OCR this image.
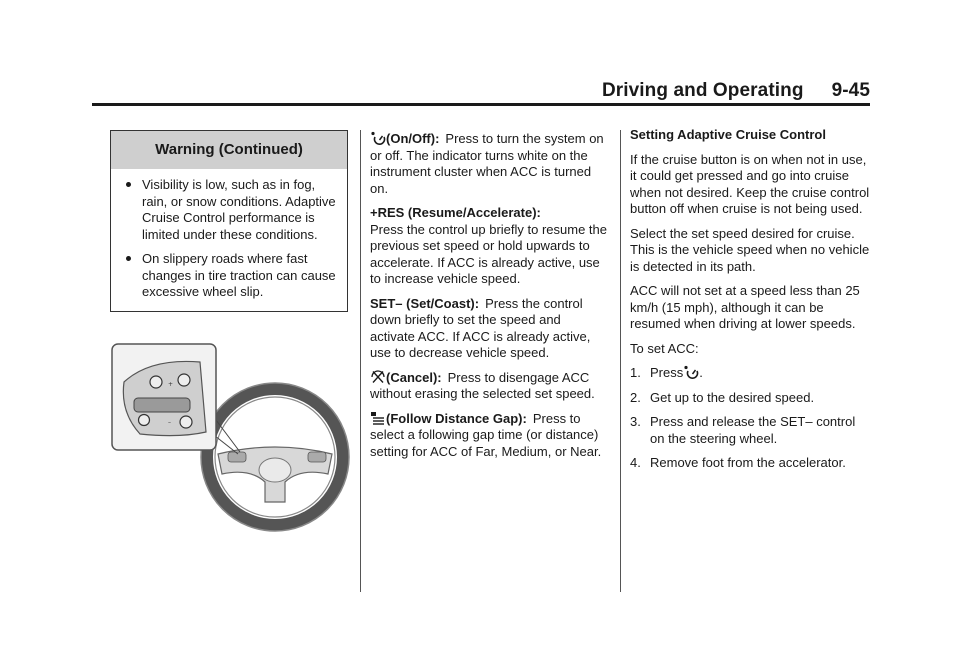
Driving and Operating 9-45
Warning (Continued)
Visibility is low, such as in fog, rain, or snow conditions. Adaptive Cruise Control performance is limited under these conditions.
On slippery roads where fast changes in tire traction can cause excessive wheel slip.
+
–
(On/Off): Press to turn the system on or off. The indicator turns white on the instrument cluster when ACC is turned on.
+RES (Resume/Accelerate):
Press the control up briefly to resume the previous set speed or hold upwards to accelerate. If ACC is already active, use to increase vehicle speed.
SET– (Set/Coast): Press the control down briefly to set the speed and activate ACC. If ACC is already active, use to decrease vehicle speed.
(Cancel): Press to disengage ACC without erasing the selected set speed.
(Follow Distance Gap): Press to select a following gap time (or distance) setting for ACC of Far, Medium, or Near.
Setting Adaptive Cruise Control
If the cruise button is on when not in use, it could get pressed and go into cruise when not desired. Keep the cruise control button off when cruise is not being used.
Select the set speed desired for cruise. This is the vehicle speed when no vehicle is detected in its path.
ACC will not set at a speed less than 25 km/h (15 mph), although it can be resumed when driving at lower speeds.
To set ACC:
1. Press .
2. Get up to the desired speed.
3. Press and release the SET– control on the steering wheel.
4. Remove foot from the accelerator.
